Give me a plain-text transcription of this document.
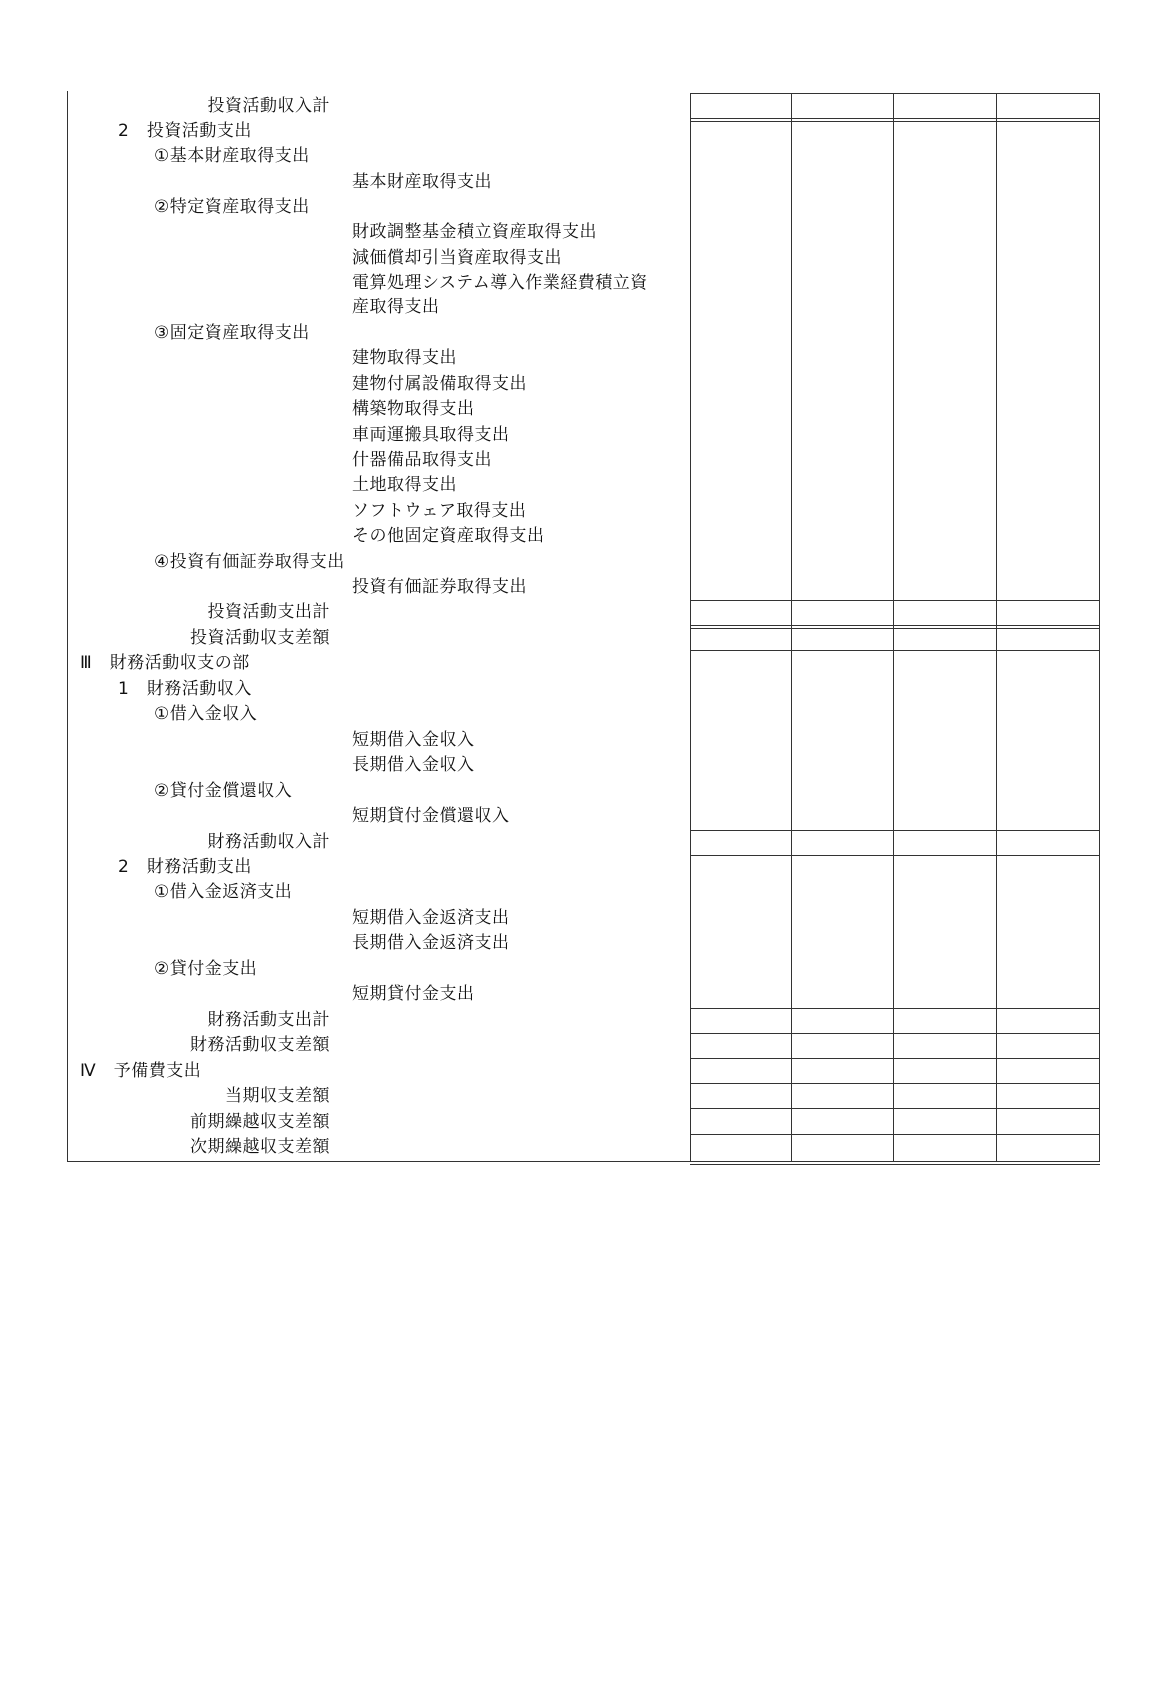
投資活動収入計
2　投資活動支出
①基本財産取得支出
基本財産取得支出
②特定資産取得支出
財政調整基金積立資産取得支出
減価償却引当資産取得支出
電算処理システム導入作業経費積立資
産取得支出
③固定資産取得支出
建物取得支出
建物付属設備取得支出
構築物取得支出
車両運搬具取得支出
什器備品取得支出
土地取得支出
ソフトウェア取得支出
その他固定資産取得支出
④投資有価証券取得支出
投資有価証券取得支出
投資活動支出計
投資活動収支差額
Ⅲ　財務活動収支の部
1　財務活動収入
①借入金収入
短期借入金収入
長期借入金収入
②貸付金償還収入
短期貸付金償還収入
財務活動収入計
2　財務活動支出
①借入金返済支出
短期借入金返済支出
長期借入金返済支出
②貸付金支出
短期貸付金支出
財務活動支出計
財務活動収支差額
Ⅳ　予備費支出
当期収支差額
前期繰越収支差額
次期繰越収支差額
